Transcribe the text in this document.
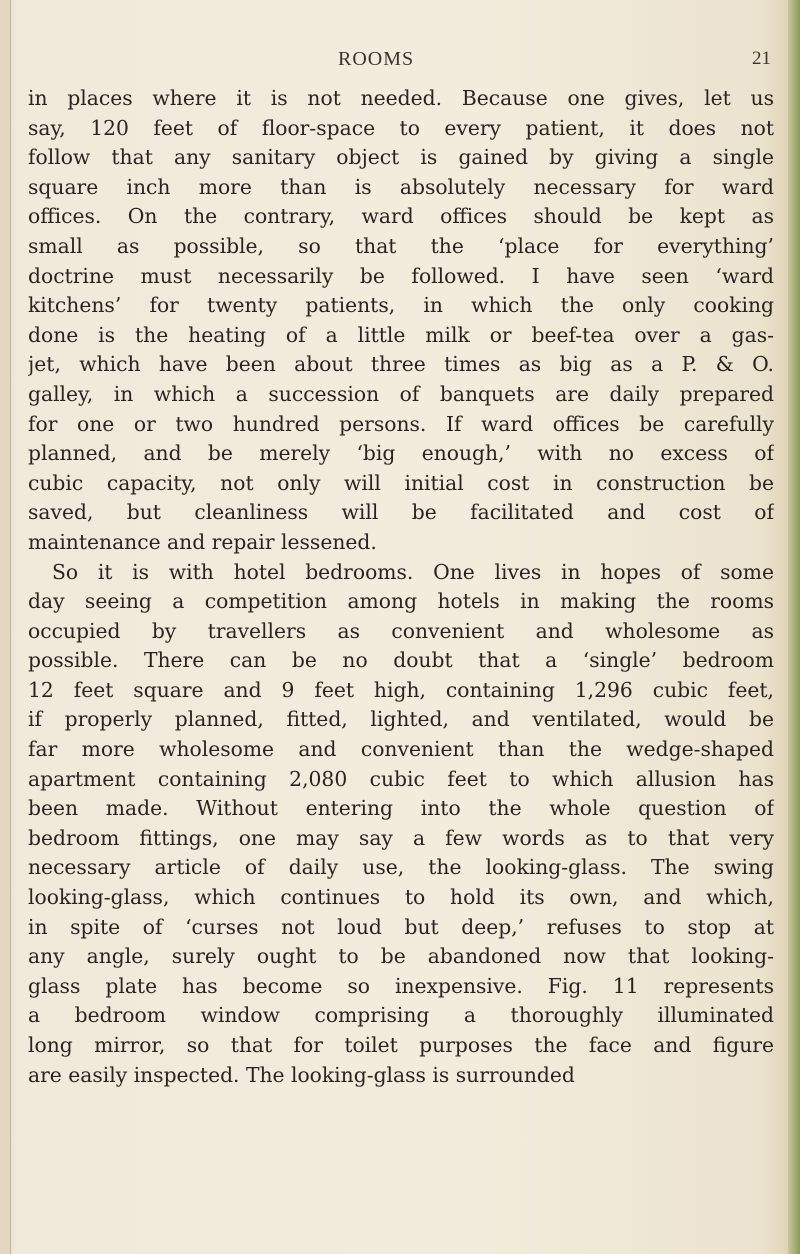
ROOMS	21
in places where it is not needed. Because one gives, let us
say, 120 feet of floor-space to every patient, it does not
follow that any sanitary object is gained by giving a single
square inch more than is absolutely necessary for ward
offices. On the contrary, ward offices should be kept as
small as possible, so that the ‘place for everything’
doctrine must necessarily be followed. I have seen ‘ward
kitchens’ for twenty patients, in which the only cooking
done is the heating of a little milk or beef-tea over a gas-
jet, which have been about three times as big as a P. & O.
galley, in which a succession of banquets are daily prepared
for one or two hundred persons. If ward offices be carefully
planned, and be merely ‘big enough,’ with no excess of
cubic capacity, not only will initial cost in construction be
saved, but cleanliness will be facilitated and cost of
maintenance and repair lessened.
So it is with hotel bedrooms. One lives in hopes of some
day seeing a competition among hotels in making the rooms
occupied by travellers as convenient and wholesome as
possible. There can be no doubt that a ‘single’ bedroom
12 feet square and 9 feet high, containing 1,296 cubic feet,
if properly planned, fitted, lighted, and ventilated, would be
far more wholesome and convenient than the wedge-shaped
apartment containing 2,080 cubic feet to which allusion has
been made. Without entering into the whole question of
bedroom fittings, one may say a few words as to that very
necessary article of daily use, the looking-glass. The swing
looking-glass, which continues to hold its own, and which,
in spite of ‘curses not loud but deep,’ refuses to stop at
any angle, surely ought to be abandoned now that looking-
glass plate has become so inexpensive. Fig. 11 represents
a bedroom window comprising a thoroughly illuminated
long mirror, so that for toilet purposes the face and figure
are easily inspected. The looking-glass is surrounded
